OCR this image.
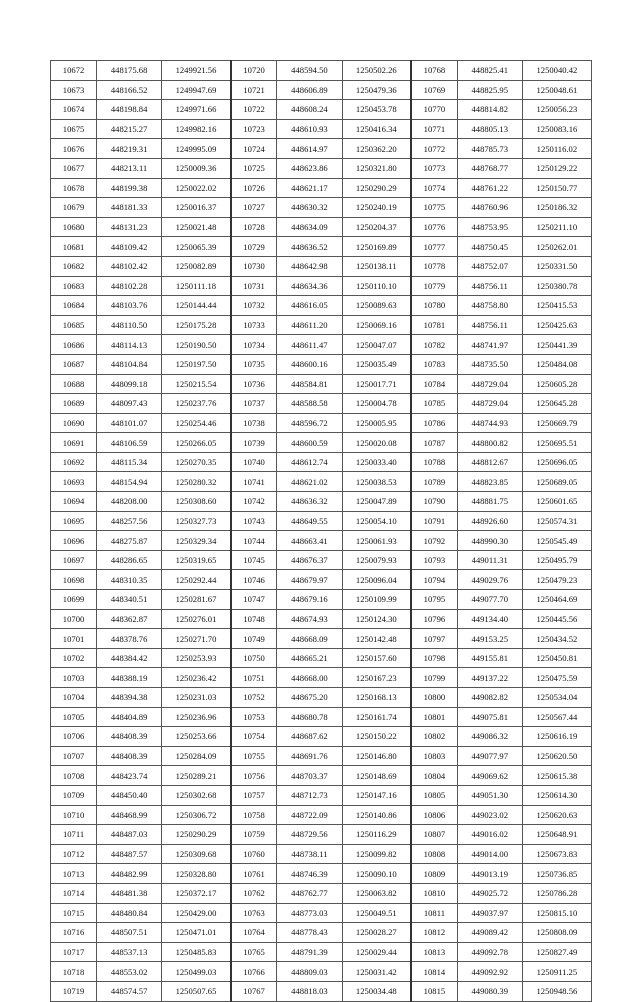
10672	448175.68	1249921.56	10720	448594.50	1250502.26	10768	448825.41	1250040.42
10673	448166.52	1249947.69	10721	448606.89	1250479.36	10769	448825.95	1250048.61
10674	448198.84	1249971.66	10722	448608.24	1250453.78	10770	448814.82	1250056.23
10675	448215.27	1249982.16	10723	448610.93	1250416.34	10771	448805.13	1250083.16
10676	448219.31	1249995.09	10724	448614.97	1250362.20	10772	448785.73	1250116.02
10677	448213.11	1250009.36	10725	448623.86	1250321.80	10773	448768.77	1250129.22
10678	448199.38	1250022.02	10726	448621.17	1250290.29	10774	448761.22	1250150.77
10679	448181.33	1250016.37	10727	448630.32	1250240.19	10775	448760.96	1250186.32
10680	448131.23	1250021.48	10728	448634.09	1250204.37	10776	448753.95	1250211.10
10681	448109.42	1250065.39	10729	448636.52	1250169.89	10777	448750.45	1250262.01
10682	448102.42	1250082.89	10730	448642.98	1250138.11	10778	448752.07	1250331.50
10683	448102.28	1250111.18	10731	448634.36	1250110.10	10779	448756.11	1250380.78
10684	448103.76	1250144.44	10732	448616.05	1250089.63	10780	448758.80	1250415.53
10685	448110.50	1250175.28	10733	448611.20	1250069.16	10781	448756.11	1250425.63
10686	448114.13	1250190.50	10734	448611.47	1250047.07	10782	448741.97	1250441.39
10687	448104.84	1250197.50	10735	448600.16	1250035.49	10783	448735.50	1250484.08
10688	448099.18	1250215.54	10736	448584.81	1250017.71	10784	448729.04	1250605.28
10689	448097.43	1250237.76	10737	448588.58	1250004.78	10785	448729.04	1250645.28
10690	448101.07	1250254.46	10738	448596.72	1250005.95	10786	448744.93	1250669.79
10691	448106.59	1250266.05	10739	448600.59	1250020.08	10787	448800.82	1250695.51
10692	448115.34	1250270.35	10740	448612.74	1250033.40	10788	448812.67	1250696.05
10693	448154.94	1250280.32	10741	448621.02	1250038.53	10789	448823.85	1250689.05
10694	448208.00	1250308.60	10742	448636.32	1250047.89	10790	448881.75	1250601.65
10695	448257.56	1250327.73	10743	448649.55	1250054.10	10791	448926.60	1250574.31
10696	448275.87	1250329.34	10744	448663.41	1250061.93	10792	448990.30	1250545.49
10697	448286.65	1250319.65	10745	448676.37	1250079.93	10793	449011.31	1250495.79
10698	448310.35	1250292.44	10746	448679.97	1250096.04	10794	449029.76	1250479.23
10699	448340.51	1250281.67	10747	448679.16	1250109.99	10795	449077.70	1250464.69
10700	448362.87	1250276.01	10748	448674.93	1250124.30	10796	449134.40	1250445.56
10701	448378.76	1250271.70	10749	448668.09	1250142.48	10797	449153.25	1250434.52
10702	448384.42	1250253.93	10750	448665.21	1250157.60	10798	449155.81	1250450.81
10703	448388.19	1250236.42	10751	448668.00	1250167.23	10799	449137.22	1250475.59
10704	448394.38	1250231.03	10752	448675.20	1250168.13	10800	449082.82	1250534.04
10705	448404.89	1250236.96	10753	448680.78	1250161.74	10801	449075.81	1250567.44
10706	448408.39	1250253.66	10754	448687.62	1250150.22	10802	449086.32	1250616.19
10707	448408.39	1250284.09	10755	448691.76	1250146.80	10803	449077.97	1250620.50
10708	448423.74	1250289.21	10756	448703.37	1250148.69	10804	449069.62	1250615.38
10709	448450.40	1250302.68	10757	448712.73	1250147.16	10805	449051.30	1250614.30
10710	448468.99	1250306.72	10758	448722.09	1250140.86	10806	449023.02	1250620.63
10711	448487.03	1250290.29	10759	448729.56	1250116.29	10807	449016.02	1250648.91
10712	448487.57	1250309.68	10760	448738.11	1250099.82	10808	449014.00	1250673.83
10713	448482.99	1250328.80	10761	448746.39	1250090.10	10809	449013.19	1250736.85
10714	448481.38	1250372.17	10762	448762.77	1250063.82	10810	449025.72	1250786.28
10715	448480.84	1250429.00	10763	448773.03	1250049.51	10811	449037.97	1250815.10
10716	448507.51	1250471.01	10764	448778.43	1250028.27	10812	449089.42	1250808.09
10717	448537.13	1250485.83	10765	448791.39	1250029.44	10813	449092.78	1250827.49
10718	448553.02	1250499.03	10766	448809.03	1250031.42	10814	449092.92	1250911.25
10719	448574.57	1250507.65	10767	448818.03	1250034.48	10815	449080.39	1250948.56
